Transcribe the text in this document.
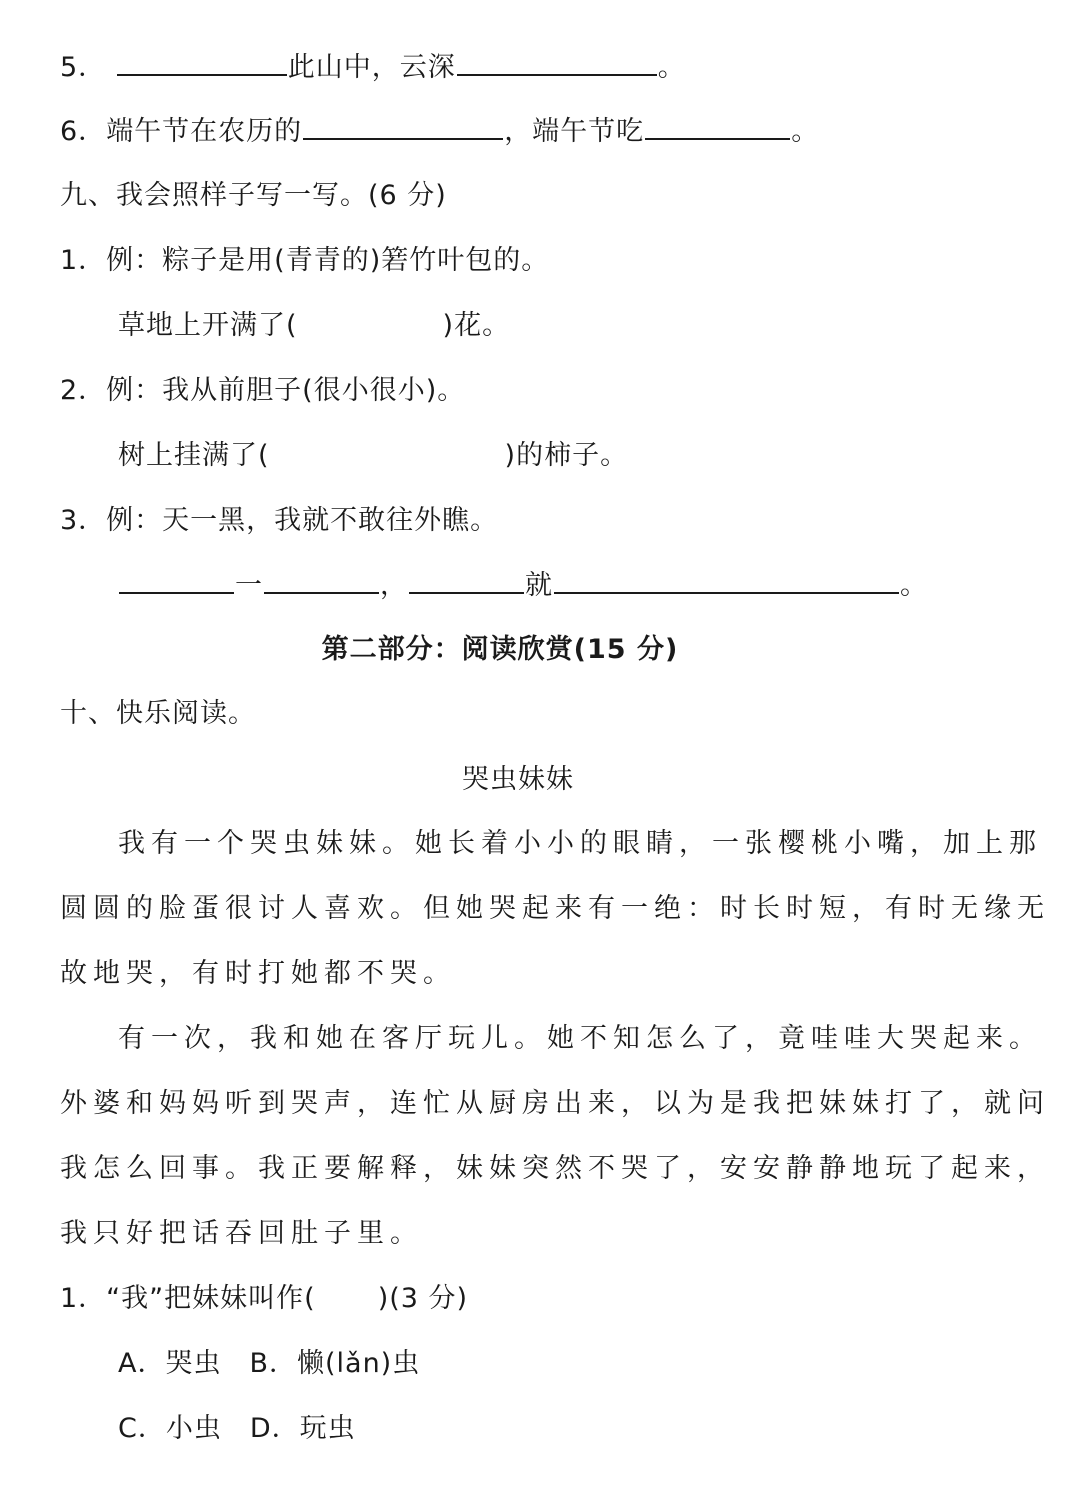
5．	此山中，云深	。
6．端午节在农历的	，端午节吃	。
九、我会照样子写一写。(6 分)
1．例：粽子是用(青青的)箬竹叶包的。
草地上开满了(	)花。
2．例：我从前胆子(很小很小)。
树上挂满了(	)的柿子。
3．例：天一黑，我就不敢往外瞧。
一	，	就	。
第二部分：阅读欣赏(15 分)
十、快乐阅读。
哭虫妹妹
我有一个哭虫妹妹。她长着小小的眼睛，一张樱桃小嘴，加上那
圆圆的脸蛋很讨人喜欢。但她哭起来有一绝：时长时短，有时无缘无
故地哭，有时打她都不哭。
有一次，我和她在客厅玩儿。她不知怎么了，竟哇哇大哭起来。
外婆和妈妈听到哭声，连忙从厨房出来，以为是我把妹妹打了，就问
我怎么回事。我正要解释，妹妹突然不哭了，安安静静地玩了起来，
我只好把话吞回肚子里。
1．“我”把妹妹叫作( )(3 分)
A．哭虫　B．懒(lǎn)虫
C．小虫　D．玩虫
